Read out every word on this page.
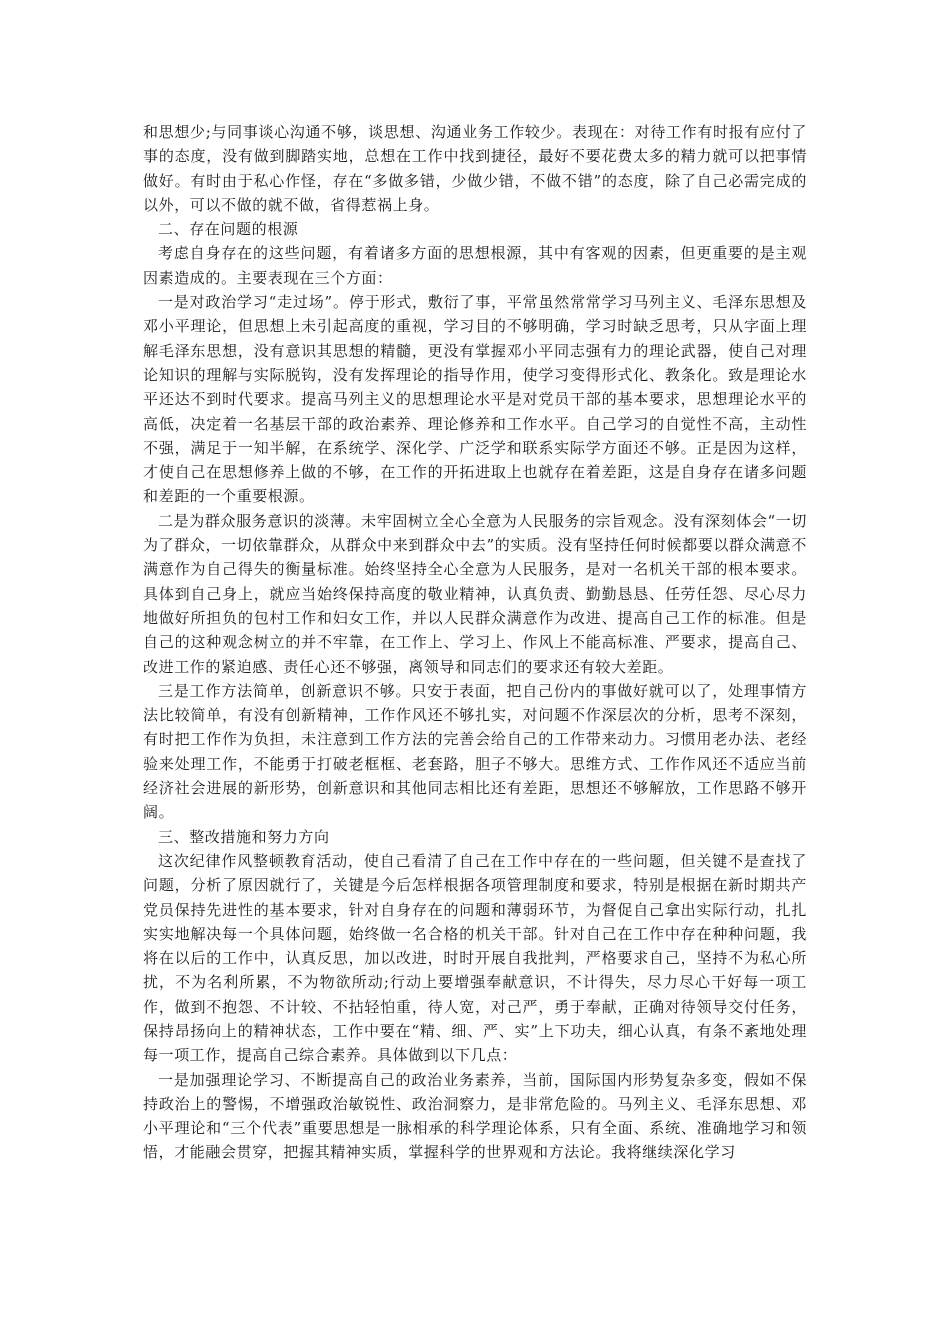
和思想少;与同事谈心沟通不够，谈思想、沟通业务工作较少。表现在：对待工作有时报有应付了事的态度，没有做到脚踏实地，总想在工作中找到捷径，最好不要花费太多的精力就可以把事情做好。有时由于私心作怪，存在“多做多错，少做少错，不做不错”的态度，除了自己必需完成的以外，可以不做的就不做，省得惹祸上身。

二、存在问题的根源

考虑自身存在的这些问题，有着诸多方面的思想根源，其中有客观的因素，但更重要的是主观因素造成的。主要表现在三个方面：

一是对政治学习“走过场”。停于形式，敷衍了事，平常虽然常常学习马列主义、毛泽东思想及邓小平理论，但思想上未引起高度的重视，学习目的不够明确，学习时缺乏思考，只从字面上理解毛泽东思想，没有意识其思想的精髓，更没有掌握邓小平同志强有力的理论武器，使自己对理论知识的理解与实际脱钩，没有发挥理论的指导作用，使学习变得形式化、教条化。致是理论水平还达不到时代要求。提高马列主义的思想理论水平是对党员干部的基本要求，思想理论水平的高低，决定着一名基层干部的政治素养、理论修养和工作水平。自己学习的自觉性不高，主动性不强，满足于一知半解，在系统学、深化学、广泛学和联系实际学方面还不够。正是因为这样，才使自己在思想修养上做的不够，在工作的开拓进取上也就存在着差距，这是自身存在诸多问题和差距的一个重要根源。

二是为群众服务意识的淡薄。未牢固树立全心全意为人民服务的宗旨观念。没有深刻体会“一切为了群众，一切依靠群众，从群众中来到群众中去”的实质。没有坚持任何时候都要以群众满意不满意作为自己得失的衡量标准。始终坚持全心全意为人民服务，是对一名机关干部的根本要求。具体到自己身上，就应当始终保持高度的敬业精神，认真负责、勤勤恳恳、任劳任怨、尽心尽力地做好所担负的包村工作和妇女工作，并以人民群众满意作为改进、提高自己工作的标准。但是自己的这种观念树立的并不牢靠，在工作上、学习上、作风上不能高标准、严要求，提高自己、改进工作的紧迫感、责任心还不够强，离领导和同志们的要求还有较大差距。

三是工作方法简单，创新意识不够。只安于表面，把自己份内的事做好就可以了，处理事情方法比较简单，有没有创新精神，工作作风还不够扎实，对问题不作深层次的分析，思考不深刻，有时把工作作为负担，未注意到工作方法的完善会给自己的工作带来动力。习惯用老办法、老经验来处理工作，不能勇于打破老框框、老套路，胆子不够大。思维方式、工作作风还不适应当前经济社会进展的新形势，创新意识和其他同志相比还有差距，思想还不够解放，工作思路不够开阔。

三、整改措施和努力方向

这次纪律作风整顿教育活动，使自己看清了自己在工作中存在的一些问题，但关键不是查找了问题，分析了原因就行了，关键是今后怎样根据各项管理制度和要求，特别是根据在新时期共产党员保持先进性的基本要求，针对自身存在的问题和薄弱环节，为督促自己拿出实际行动，扎扎实实地解决每一个具体问题，始终做一名合格的机关干部。针对自己在工作中存在种种问题，我将在以后的工作中，认真反思，加以改进，时时开展自我批判，严格要求自己，坚持不为私心所扰，不为名利所累，不为物欲所动;行动上要增强奉献意识，不计得失，尽力尽心干好每一项工作，做到不抱怨、不计较、不拈轻怕重，待人宽，对己严，勇于奉献，正确对待领导交付任务，保持昂扬向上的精神状态，工作中要在“精、细、严、实”上下功夫，细心认真，有条不紊地处理每一项工作，提高自己综合素养。具体做到以下几点：

一是加强理论学习、不断提高自己的政治业务素养，当前，国际国内形势复杂多变，假如不保持政治上的警惕，不增强政治敏锐性、政治洞察力，是非常危险的。马列主义、毛泽东思想、邓小平理论和“三个代表”重要思想是一脉相承的科学理论体系，只有全面、系统、准确地学习和领悟，才能融会贯穿，把握其精神实质，掌握科学的世界观和方法论。我将继续深化学习
